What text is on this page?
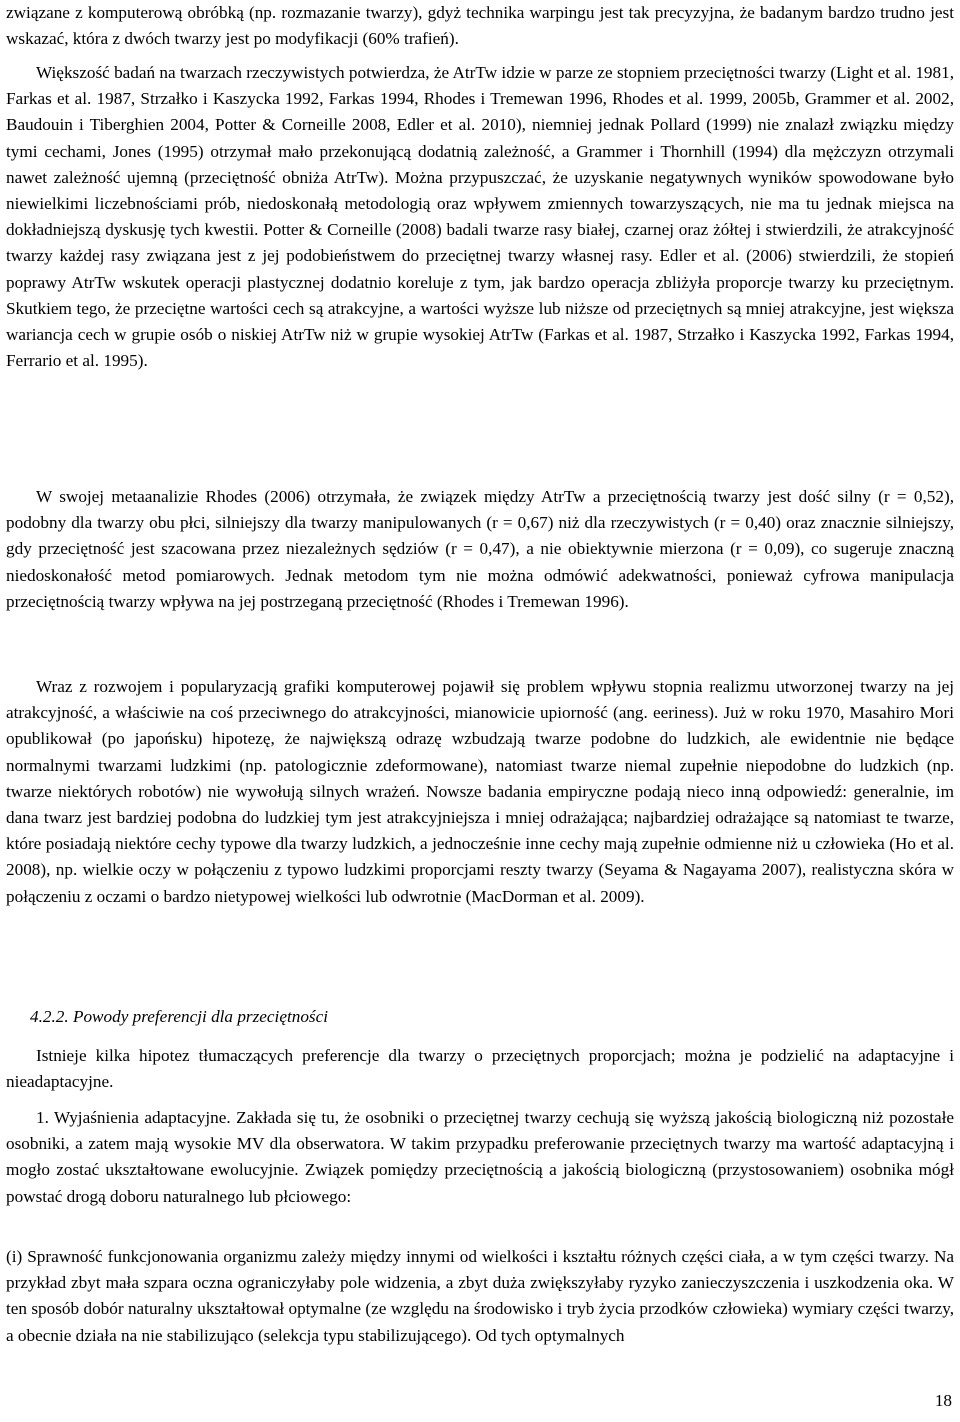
związane z komputerową obróbką (np. rozmazanie twarzy), gdyż technika warpingu jest tak precyzyjna, że badanym bardzo trudno jest wskazać, która z dwóch twarzy jest po modyfikacji (60% trafień).

Większość badań na twarzach rzeczywistych potwierdza, że AtrTw idzie w parze ze stopniem przeciętności twarzy (Light et al. 1981, Farkas et al. 1987, Strzałko i Kaszycka 1992, Farkas 1994, Rhodes i Tremewan 1996, Rhodes et al. 1999, 2005b, Grammer et al. 2002, Baudouin i Tiberghien 2004, Potter & Corneille 2008, Edler et al. 2010), niemniej jednak Pollard (1999) nie znalazł związku między tymi cechami, Jones (1995) otrzymał mało przekonującą dodatnią zależność, a Grammer i Thornhill (1994) dla mężczyzn otrzymali nawet zależność ujemną (przeciętność obniża AtrTw). Można przypuszczać, że uzyskanie negatywnych wyników spowodowane było niewielkimi liczebnościami prób, niedoskonałą metodologią oraz wpływem zmiennych towarzyszących, nie ma tu jednak miejsca na dokładniejszą dyskusję tych kwestii. Potter & Corneille (2008) badali twarze rasy białej, czarnej oraz żółtej i stwierdzili, że atrakcyjność twarzy każdej rasy związana jest z jej podobieństwem do przeciętnej twarzy własnej rasy. Edler et al. (2006) stwierdzili, że stopień poprawy AtrTw wskutek operacji plastycznej dodatnio koreluje z tym, jak bardzo operacja zbliżyła proporcje twarzy ku przeciętnym. Skutkiem tego, że przeciętne wartości cech są atrakcyjne, a wartości wyższe lub niższe od przeciętnych są mniej atrakcyjne, jest większa wariancja cech w grupie osób o niskiej AtrTw niż w grupie wysokiej AtrTw (Farkas et al. 1987, Strzałko i Kaszycka 1992, Farkas 1994, Ferrario et al. 1995).

W swojej metaanalizie Rhodes (2006) otrzymała, że związek między AtrTw a przeciętnością twarzy jest dość silny (r = 0,52), podobny dla twarzy obu płci, silniejszy dla twarzy manipulowanych (r = 0,67) niż dla rzeczywistych (r = 0,40) oraz znacznie silniejszy, gdy przeciętność jest szacowana przez niezależnych sędziów (r = 0,47), a nie obiektywnie mierzona (r = 0,09), co sugeruje znaczną niedoskonałość metod pomiarowych. Jednak metodom tym nie można odmówić adekwatności, ponieważ cyfrowa manipulacja przeciętnością twarzy wpływa na jej postrzeganą przeciętność (Rhodes i Tremewan 1996).

Wraz z rozwojem i popularyzacją grafiki komputerowej pojawił się problem wpływu stopnia realizmu utworzonej twarzy na jej atrakcyjność, a właściwie na coś przeciwnego do atrakcyjności, mianowicie upiorność (ang. eeriness). Już w roku 1970, Masahiro Mori opublikował (po japońsku) hipotezę, że największą odrazę wzbudzają twarze podobne do ludzkich, ale ewidentnie nie będące normalnymi twarzami ludzkimi (np. patologicznie zdeformowane), natomiast twarze niemal zupełnie niepodobne do ludzkich (np. twarze niektórych robotów) nie wywołują silnych wrażeń. Nowsze badania empiryczne podają nieco inną odpowiedź: generalnie, im dana twarz jest bardziej podobna do ludzkiej tym jest atrakcyjniejsza i mniej odrażająca; najbardziej odrażające są natomiast te twarze, które posiadają niektóre cechy typowe dla twarzy ludzkich, a jednocześnie inne cechy mają zupełnie odmienne niż u człowieka (Ho et al. 2008), np. wielkie oczy w połączeniu z typowo ludzkimi proporcjami reszty twarzy (Seyama & Nagayama 2007), realistyczna skóra w połączeniu z oczami o bardzo nietypowej wielkości lub odwrotnie (MacDorman et al. 2009).

4.2.2. Powody preferencji dla przeciętności

Istnieje kilka hipotez tłumaczących preferencje dla twarzy o przeciętnych proporcjach; można je podzielić na adaptacyjne i nieadaptacyjne.

1. Wyjaśnienia adaptacyjne. Zakłada się tu, że osobniki o przeciętnej twarzy cechują się wyższą jakością biologiczną niż pozostałe osobniki, a zatem mają wysokie MV dla obserwatora. W takim przypadku preferowanie przeciętnych twarzy ma wartość adaptacyjną i mogło zostać ukształtowane ewolucyjnie. Związek pomiędzy przeciętnością a jakością biologiczną (przystosowaniem) osobnika mógł powstać drogą doboru naturalnego lub płciowego:

(i) Sprawność funkcjonowania organizmu zależy między innymi od wielkości i kształtu różnych części ciała, a w tym części twarzy. Na przykład zbyt mała szpara oczna ograniczyłaby pole widzenia, a zbyt duża zwiększyłaby ryzyko zanieczyszczenia i uszkodzenia oka. W ten sposób dobór naturalny ukształtował optymalne (ze względu na środowisko i tryb życia przodków człowieka) wymiary części twarzy, a obecnie działa na nie stabilizująco (selekcja typu stabilizującego). Od tych optymalnych

18
